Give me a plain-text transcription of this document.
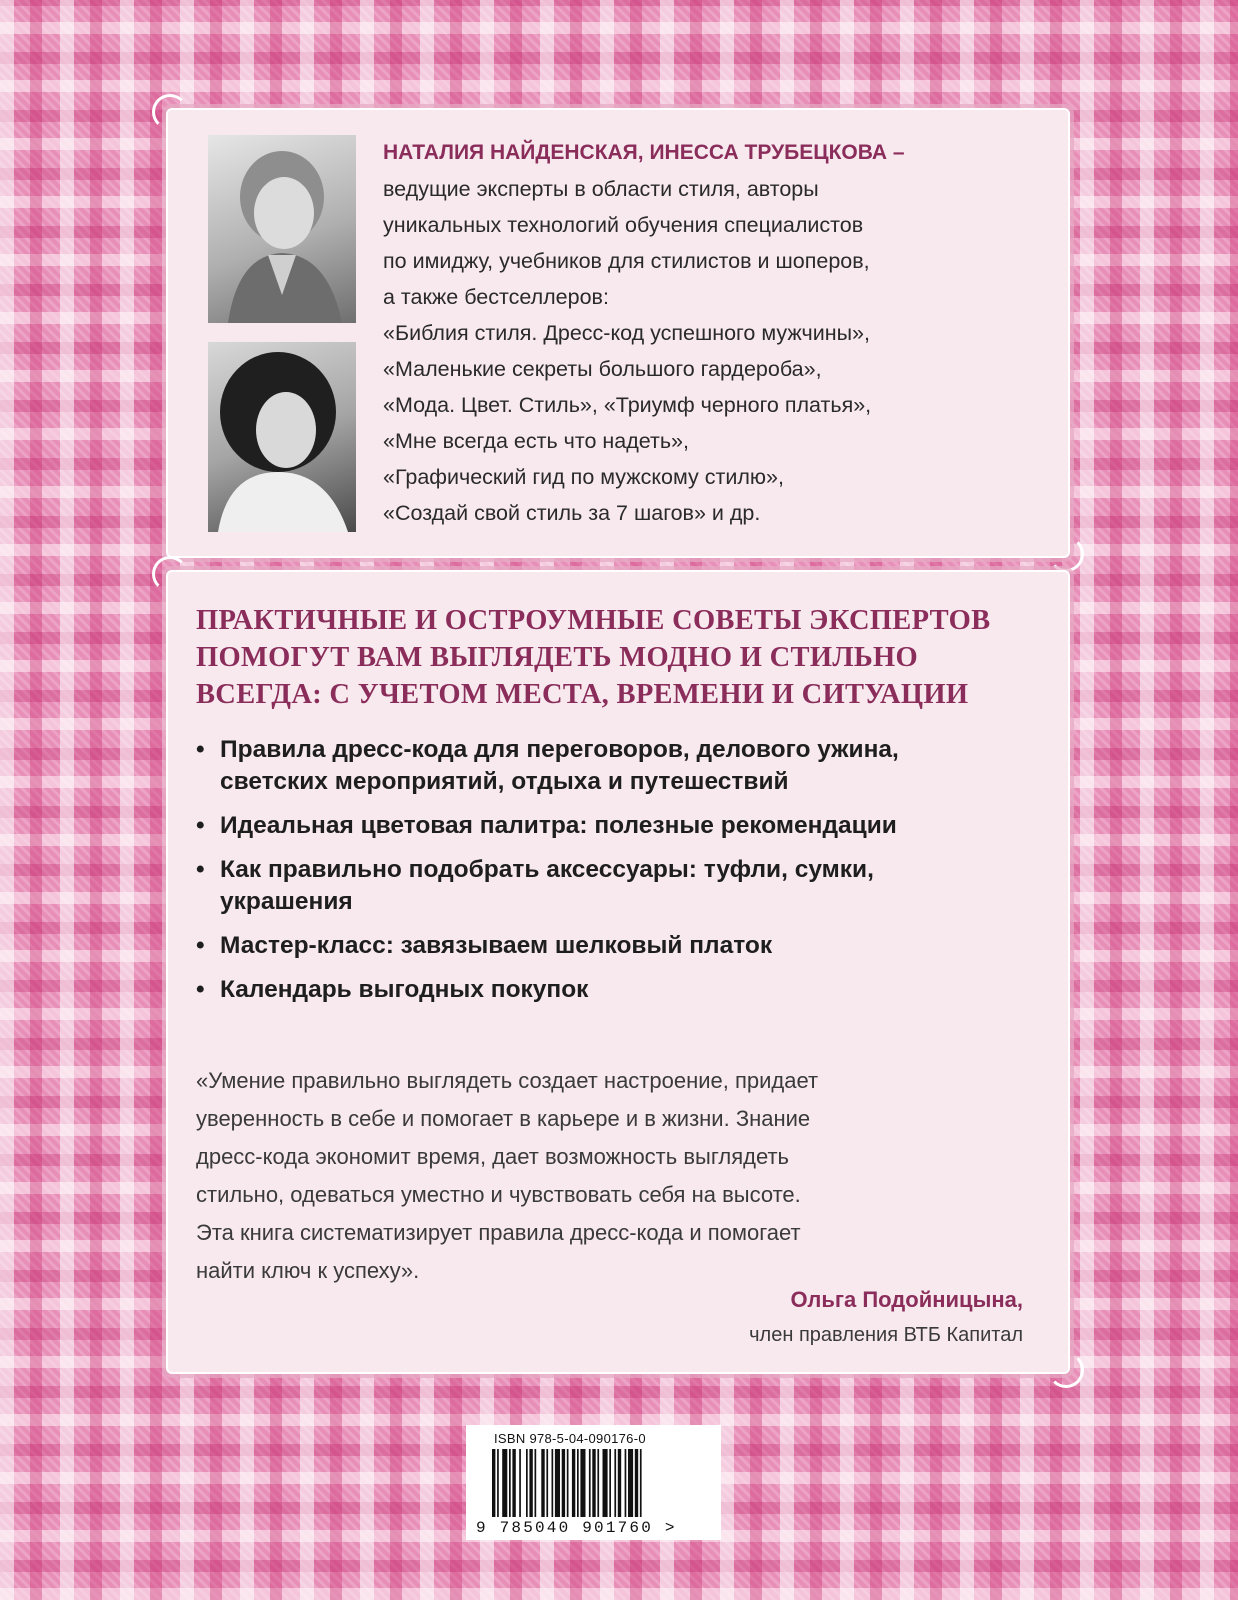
НАТАЛИЯ НАЙДЕНСКАЯ, ИНЕССА ТРУБЕЦКОВА –
ведущие эксперты в области стиля, авторы
уникальных технологий обучения специалистов
по имиджу, учебников для стилистов и шоперов,
а также бестселлеров:
«Библия стиля. Дресс-код успешного мужчины»,
«Маленькие секреты большого гардероба»,
«Мода. Цвет. Стиль», «Триумф черного платья»,
«Мне всегда есть что надеть»,
«Графический гид по мужскому стилю»,
«Создай свой стиль за 7 шагов» и др.
ПРАКТИЧНЫЕ И ОСТРОУМНЫЕ СОВЕТЫ ЭКСПЕРТОВ
ПОМОГУТ ВАМ ВЫГЛЯДЕТЬ МОДНО И СТИЛЬНО
ВСЕГДА: С УЧЕТОМ МЕСТА, ВРЕМЕНИ И СИТУАЦИИ
• Правила дресс-кода для переговоров, делового ужина,
светских мероприятий, отдыха и путешествий
• Идеальная цветовая палитра: полезные рекомендации
• Как правильно подобрать аксессуары: туфли, сумки,
украшения
• Мастер-класс: завязываем шелковый платок
• Календарь выгодных покупок
«Умение правильно выглядеть создает настроение, придает
уверенность в себе и помогает в карьере и в жизни. Знание
дресс-кода экономит время, дает возможность выглядеть
стильно, одеваться уместно и чувствовать себя на высоте.
Эта книга систематизирует правила дресс-кода и помогает
найти ключ к успеху».
Ольга Подойницына,
член правления ВТБ Капитал
ISBN 978-5-04-090176-0
9 785040 901760 >
